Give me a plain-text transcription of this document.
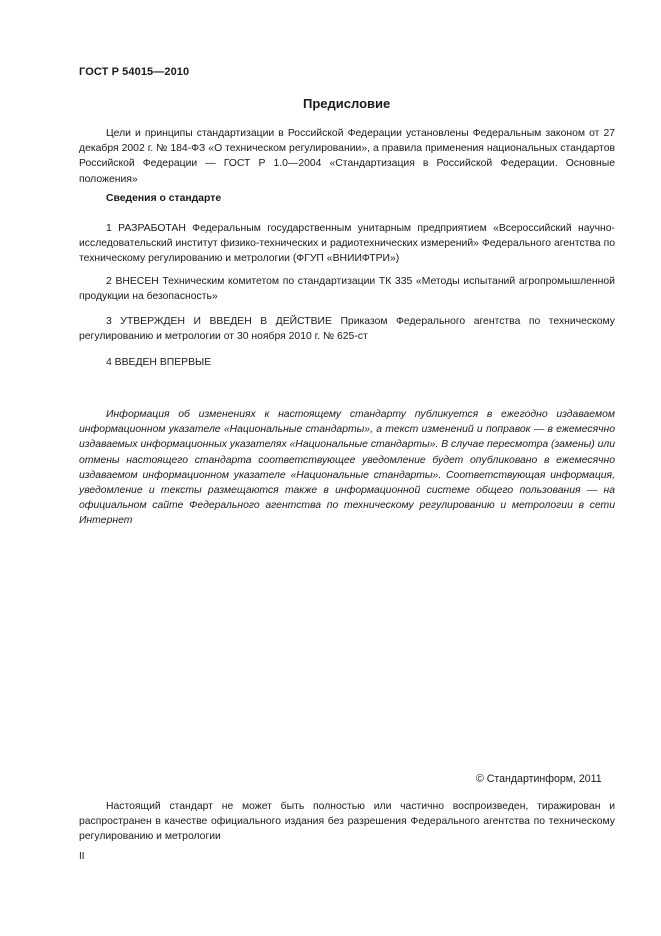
ГОСТ Р 54015—2010
Предисловие
Цели и принципы стандартизации в Российской Федерации установлены Федеральным законом от 27 декабря 2002 г. № 184-ФЗ «О техническом регулировании», а правила применения национальных стандартов Российской Федерации — ГОСТ Р 1.0—2004 «Стандартизация в Российской Федерации. Основные положения»
Сведения о стандарте
1 РАЗРАБОТАН Федеральным государственным унитарным предприятием «Всероссийский научно-исследовательский институт физико-технических и радиотехнических измерений» Федерального агентства по техническому регулированию и метрологии (ФГУП «ВНИИФТРИ»)
2 ВНЕСЕН Техническим комитетом по стандартизации ТК 335 «Методы испытаний агропромышленной продукции на безопасность»
3 УТВЕРЖДЕН И ВВЕДЕН В ДЕЙСТВИЕ Приказом Федерального агентства по техническому регулированию и метрологии от 30 ноября 2010 г. № 625-ст
4 ВВЕДЕН ВПЕРВЫЕ
Информация об изменениях к настоящему стандарту публикуется в ежегодно издаваемом информационном указателе «Национальные стандарты», а текст изменений и поправок — в ежемесячно издаваемых информационных указателях «Национальные стандарты». В случае пересмотра (замены) или отмены настоящего стандарта соответствующее уведомление будет опубликовано в ежемесячно издаваемом информационном указателе «Национальные стандарты». Соответствующая информация, уведомление и тексты размещаются также в информационной системе общего пользования — на официальном сайте Федерального агентства по техническому регулированию и метрологии в сети Интернет
© Стандартинформ, 2011
Настоящий стандарт не может быть полностью или частично воспроизведен, тиражирован и распространен в качестве официального издания без разрешения Федерального агентства по техническому регулированию и метрологии
II
